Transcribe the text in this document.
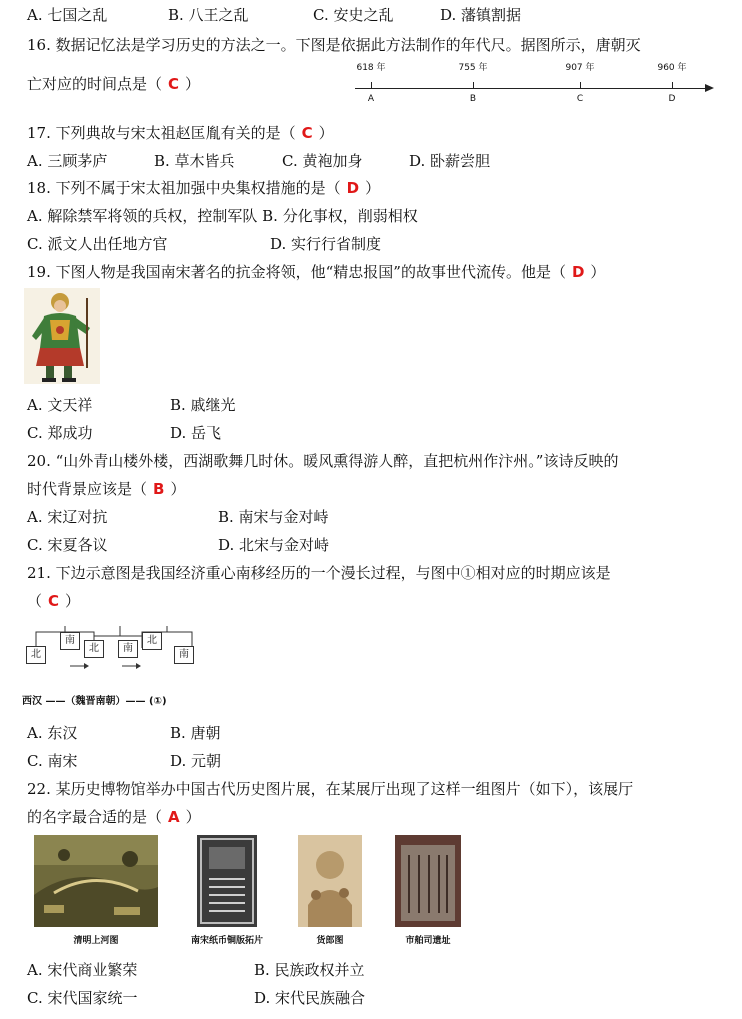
A. 七国之乱	B. 八王之乱	C. 安史之乱	D. 藩镇割据
16. 数据记忆法是学习历史的方法之一。下图是依据此方法制作的年代尺。据图所示，唐朝灭
亡对应的时间点是（ C ）
618 年	755 年	907 年	960 年
A	B	C	D
17. 下列典故与宋太祖赵匡胤有关的是（ C ）
A. 三顾茅庐	B. 草木皆兵	C. 黄袍加身	D. 卧薪尝胆
18. 下列不属于宋太祖加强中央集权措施的是（ D ）
A. 解除禁军将领的兵权，控制军队 B. 分化事权，削弱相权
C. 派文人出任地方官	D. 实行行省制度
19. 下图人物是我国南宋著名的抗金将领，他“精忠报国”的故事世代流传。他是（ D ）
A. 文天祥	B. 戚继光
C. 郑成功	D. 岳飞
20. “山外青山楼外楼，西湖歌舞几时休。暖风熏得游人醉，直把杭州作汴州。”该诗反映的
时代背景应该是（ B ）
A. 宋辽对抗	B. 南宋与金对峙
C. 宋夏各议	D. 北宋与金对峙
21. 下边示意图是我国经济重心南移经历的一个漫长过程，与图中①相对应的时期应该是
（ C ）
北
南
北	南
北
南
西汉 ——（魏晋南朝）—— (①)
A. 东汉	B. 唐朝
C. 南宋	D. 元朝
22. 某历史博物馆举办中国古代历史图片展，在某展厅出现了这样一组图片（如下），该展厅
的名字最合适的是（ A ）
清明上河图	南宋纸币铜版拓片	货郎图	市舶司遗址
A. 宋代商业繁荣	B. 民族政权并立
C. 宋代国家统一	D. 宋代民族融合
